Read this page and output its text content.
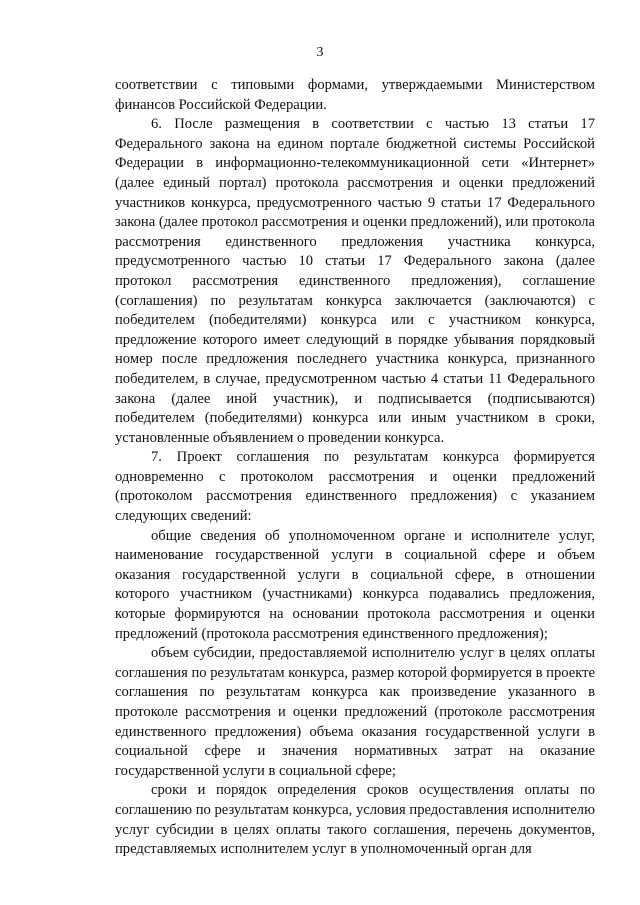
3

соответствии с типовыми формами, утверждаемыми Министерством финансов Российской Федерации.

6. После размещения в соответствии с частью 13 статьи 17 Федерального закона на едином портале бюджетной системы Российской Федерации в информационно-телекоммуникационной сети «Интернет» (далее единый портал) протокола рассмотрения и оценки предложений участников конкурса, предусмотренного частью 9 статьи 17 Федерального закона (далее протокол рассмотрения и оценки предложений), или протокола рассмотрения единственного предложения участника конкурса, предусмотренного частью 10 статьи 17 Федерального закона (далее протокол рассмотрения единственного предложения), соглашение (соглашения) по результатам конкурса заключается (заключаются) с победителем (победителями) конкурса или с участником конкурса, предложение которого имеет следующий в порядке убывания порядковый номер после предложения последнего участника конкурса, признанного победителем, в случае, предусмотренном частью 4 статьи 11 Федерального закона (далее иной участник), и подписывается (подписываются) победителем (победителями) конкурса или иным участником в сроки, установленные объявлением о проведении конкурса.

7. Проект соглашения по результатам конкурса формируется одновременно с протоколом рассмотрения и оценки предложений (протоколом рассмотрения единственного предложения) с указанием следующих сведений:

общие сведения об уполномоченном органе и исполнителе услуг, наименование государственной услуги в социальной сфере и объем оказания государственной услуги в социальной сфере, в отношении которого участником (участниками) конкурса подавались предложения, которые формируются на основании протокола рассмотрения и оценки предложений (протокола рассмотрения единственного предложения);

объем субсидии, предоставляемой исполнителю услуг в целях оплаты соглашения по результатам конкурса, размер которой формируется в проекте соглашения по результатам конкурса как произведение указанного в протоколе рассмотрения и оценки предложений (протоколе рассмотрения единственного предложения) объема оказания государственной услуги в социальной сфере и значения нормативных затрат на оказание государственной услуги в социальной сфере;

сроки и порядок определения сроков осуществления оплаты по соглашению по результатам конкурса, условия предоставления исполнителю услуг субсидии в целях оплаты такого соглашения, перечень документов, представляемых исполнителем услуг в уполномоченный орган для
